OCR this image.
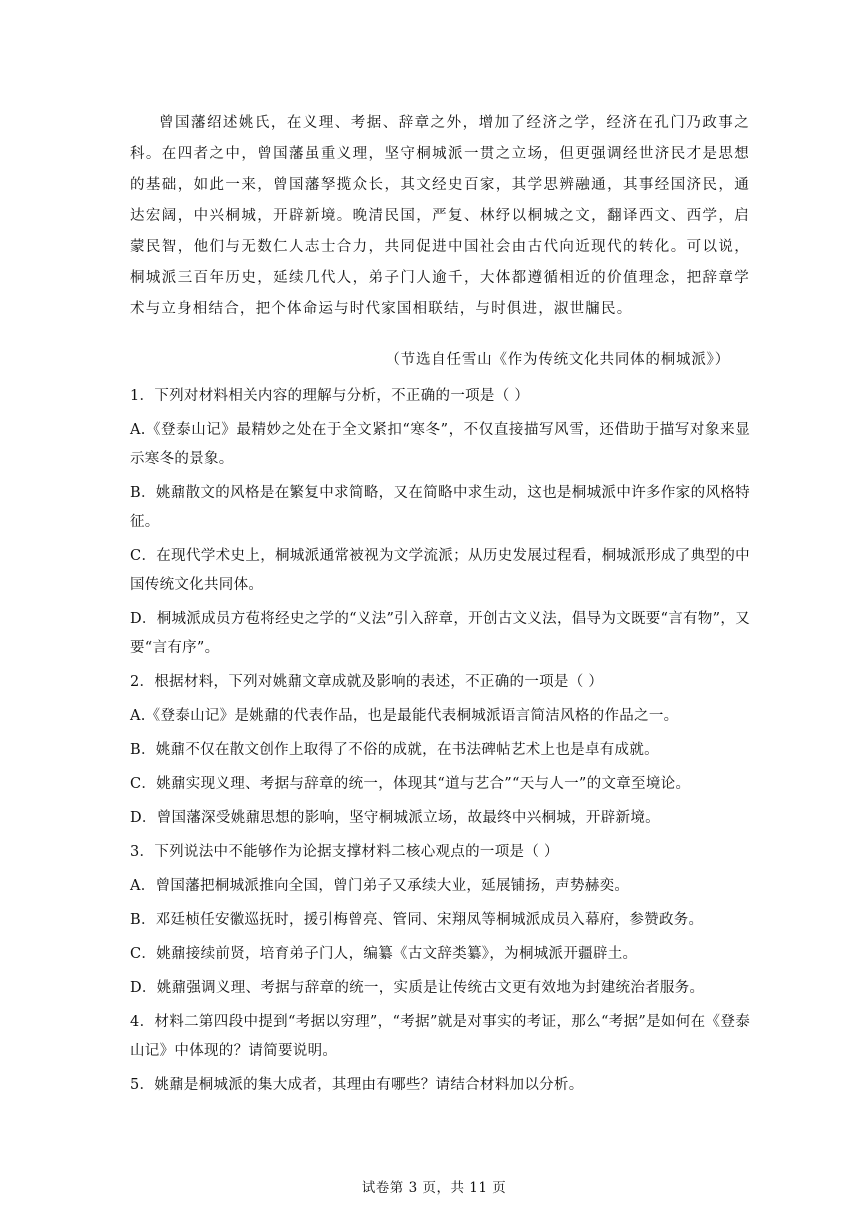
曾国藩绍述姚氏，在义理、考据、辞章之外，增加了经济之学，经济在孔门乃政事之科。在四者之中，曾国藩虽重义理，坚守桐城派一贯之立场，但更强调经世济民才是思想的基础，如此一来，曾国藩孥揽众长，其文经史百家，其学思辨融通，其事经国济民，通达宏阔，中兴桐城，开辟新境。晚清民国，严复、林纾以桐城之文，翻译西文、西学，启蒙民智，他们与无数仁人志士合力，共同促进中国社会由古代向近现代的转化。可以说，桐城派三百年历史，延续几代人，弟子门人逾千，大体都遵循相近的价值理念，把辞章学术与立身相结合，把个体命运与时代家国相联结，与时俱进，淑世牖民。

（节选自任雪山《作为传统文化共同体的桐城派》）

1．下列对材料相关内容的理解与分析，不正确的一项是（ ）

A.《登泰山记》最精妙之处在于全文紧扣“寒冬”，不仅直接描写风雪，还借助于描写对象来显示寒冬的景象。

B．姚鼐散文的风格是在繁复中求简略，又在简略中求生动，这也是桐城派中许多作家的风格特征。

C．在现代学术史上，桐城派通常被视为文学流派；从历史发展过程看，桐城派形成了典型的中国传统文化共同体。

D．桐城派成员方苞将经史之学的“义法”引入辞章，开创古文义法，倡导为文既要“言有物”，又要“言有序”。

2．根据材料，下列对姚鼐文章成就及影响的表述，不正确的一项是（ ）

A.《登泰山记》是姚鼐的代表作品，也是最能代表桐城派语言简洁风格的作品之一。

B．姚鼐不仅在散文创作上取得了不俗的成就，在书法碑帖艺术上也是卓有成就。

C．姚鼐实现义理、考据与辞章的统一，体现其“道与艺合”“天与人一”的文章至境论。

D．曾国藩深受姚鼐思想的影响，坚守桐城派立场，故最终中兴桐城，开辟新境。

3．下列说法中不能够作为论据支撑材料二核心观点的一项是（ ）

A．曾国藩把桐城派推向全国，曾门弟子又承续大业，延展铺扬，声势赫奕。

B．邓廷桢任安徽巡抚时，援引梅曾亮、管同、宋翔凤等桐城派成员入幕府，参赞政务。

C．姚鼐接续前贤，培育弟子门人，编纂《古文辞类纂》，为桐城派开疆辟土。

D．姚鼐强调义理、考据与辞章的统一，实质是让传统古文更有效地为封建统治者服务。

4．材料二第四段中提到“考据以穷理”，“考据”就是对事实的考证，那么“考据”是如何在《登泰山记》中体现的？请简要说明。

5．姚鼐是桐城派的集大成者，其理由有哪些？请结合材料加以分析。

试卷第 3 页，共 11 页
